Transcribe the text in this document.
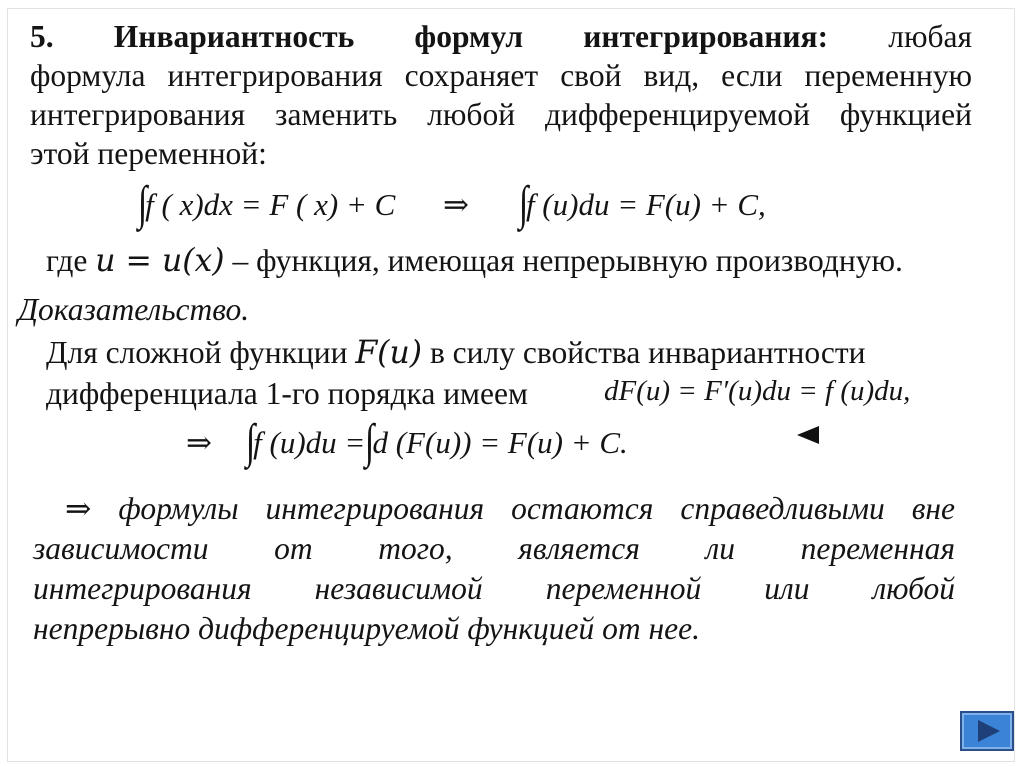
5. Инвариантность формул интегрирования: любая
формула интегрирования сохраняет свой вид, если переменную
интегрирования заменить любой дифференцируемой функцией
этой переменной:
∫f ( x)dx = F ( x) + C ⇒ ∫f (u)du = F(u) + C,
где u = u(x) – функция, имеющая непрерывную производную.
Доказательство.
Для сложной функции F(u) в силу свойства инвариантности
дифференциала 1-го порядка имеем	dF(u) = F′(u)du = f (u)du,
⇒ ∫f (u)du =∫d (F(u)) = F(u) + C.
⇒ формулы интегрирования остаются справедливыми вне
зависимости от того, является ли переменная
интегрирования независимой переменной или любой
непрерывно дифференцируемой функцией от нее.
